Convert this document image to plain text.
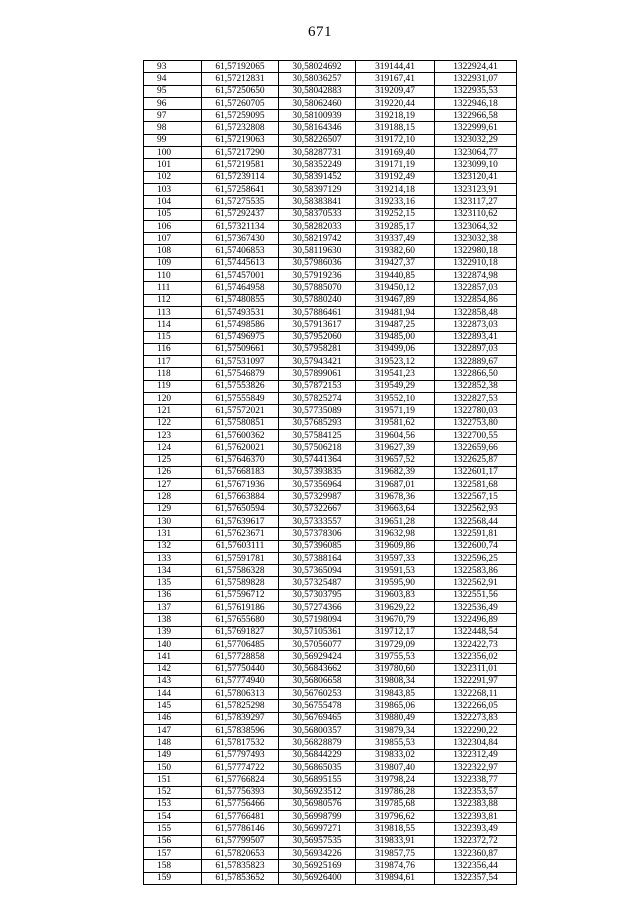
671
93	61,57192065	30,58024692	319144,41	1322924,41
94	61,57212831	30,58036257	319167,41	1322931,07
95	61,57250650	30,58042883	319209,47	1322935,53
96	61,57260705	30,58062460	319220,44	1322946,18
97	61,57259095	30,58100939	319218,19	1322966,58
98	61,57232808	30,58164346	319188,15	1322999,61
99	61,57219063	30,58226507	319172,10	1323032,29
100	61,57217290	30,58287731	319169,40	1323064,77
101	61,57219581	30,58352249	319171,19	1323099,10
102	61,57239114	30,58391452	319192,49	1323120,41
103	61,57258641	30,58397129	319214,18	1323123,91
104	61,57275535	30,58383841	319233,16	1323117,27
105	61,57292437	30,58370533	319252,15	1323110,62
106	61,57321134	30,58282033	319285,17	1323064,32
107	61,57367430	30,58219742	319337,49	1323032,38
108	61,57406853	30,58119630	319382,60	1322980,18
109	61,57445613	30,57986036	319427,37	1322910,18
110	61,57457001	30,57919236	319440,85	1322874,98
111	61,57464958	30,57885070	319450,12	1322857,03
112	61,57480855	30,57880240	319467,89	1322854,86
113	61,57493531	30,57886461	319481,94	1322858,48
114	61,57498586	30,57913617	319487,25	1322873,03
115	61,57496975	30,57952060	319485,00	1322893,41
116	61,57509661	30,57958281	319499,06	1322897,03
117	61,57531097	30,57943421	319523,12	1322889,67
118	61,57546879	30,57899061	319541,23	1322866,50
119	61,57553826	30,57872153	319549,29	1322852,38
120	61,57555849	30,57825274	319552,10	1322827,53
121	61,57572021	30,57735089	319571,19	1322780,03
122	61,57580851	30,57685293	319581,62	1322753,80
123	61,57600362	30,57584125	319604,56	1322700,55
124	61,57620021	30,57506218	319627,39	1322659,66
125	61,57646370	30,57441364	319657,52	1322625,87
126	61,57668183	30,57393835	319682,39	1322601,17
127	61,57671936	30,57356964	319687,01	1322581,68
128	61,57663884	30,57329987	319678,36	1322567,15
129	61,57650594	30,57322667	319663,64	1322562,93
130	61,57639617	30,57333557	319651,28	1322568,44
131	61,57623671	30,57378306	319632,98	1322591,81
132	61,57603111	30,57396085	319609,86	1322600,74
133	61,57591781	30,57388164	319597,33	1322596,25
134	61,57586328	30,57365094	319591,53	1322583,86
135	61,57589828	30,57325487	319595,90	1322562,91
136	61,57596712	30,57303795	319603,83	1322551,56
137	61,57619186	30,57274366	319629,22	1322536,49
138	61,57655680	30,57198094	319670,79	1322496,89
139	61,57691827	30,57105361	319712,17	1322448,54
140	61,57706485	30,57056077	319729,09	1322422,73
141	61,57728858	30,56929424	319755,53	1322356,02
142	61,57750440	30,56843662	319780,60	1322311,01
143	61,57774940	30,56806658	319808,34	1322291,97
144	61,57806313	30,56760253	319843,85	1322268,11
145	61,57825298	30,56755478	319865,06	1322266,05
146	61,57839297	30,56769465	319880,49	1322273,83
147	61,57838596	30,56800357	319879,34	1322290,22
148	61,57817532	30,56828879	319855,53	1322304,84
149	61,57797493	30,56844229	319833,02	1322312,49
150	61,57774722	30,56865035	319807,40	1322322,97
151	61,57766824	30,56895155	319798,24	1322338,77
152	61,57756393	30,56923512	319786,28	1322353,57
153	61,57756466	30,56980576	319785,68	1322383,88
154	61,57766481	30,56998799	319796,62	1322393,81
155	61,57786146	30,56997271	319818,55	1322393,49
156	61,57799507	30,56957535	319833,91	1322372,72
157	61,57820653	30,56934226	319857,75	1322360,87
158	61,57835823	30,56925169	319874,76	1322356,44
159	61,57853652	30,56926400	319894,61	1322357,54
